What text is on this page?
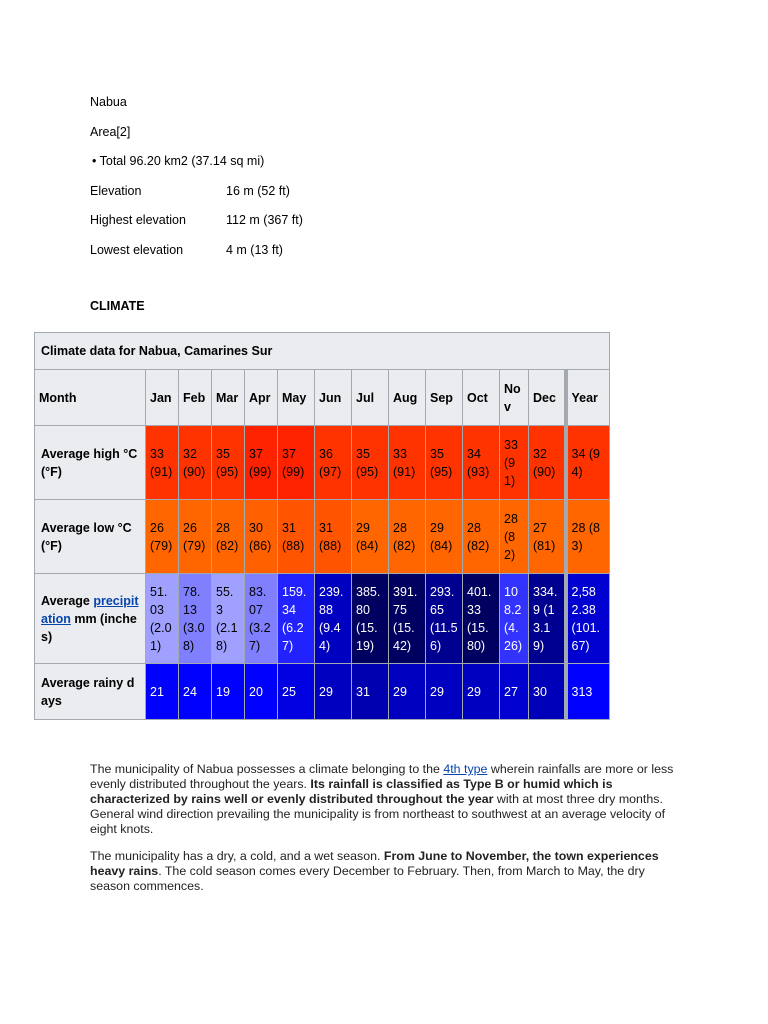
Nabua
Area[2]
• Total 96.20 km2 (37.14 sq mi)
Elevation	16 m (52 ft)
Highest elevation	112 m (367 ft)
Lowest elevation	4 m (13 ft)
CLIMATE
Climate data for Nabua, Camarines Sur													
Month	Jan	Feb	Mar	Apr	May	Jun	Jul	Aug	Sep	Oct	Nov	Dec	Year
Average high °C (°F)	33 (91)	32 (90)	35 (95)	37 (99)	37 (99)	36 (97)	35 (95)	33 (91)	35 (95)	34 (93)	33 (91)	32 (90)	34 (94)
Average low °C (°F)	26 (79)	26 (79)	28 (82)	30 (86)	31 (88)	31 (88)	29 (84)	28 (82)	29 (84)	28 (82)	28 (82)	27 (81)	28 (83)
Average precipitation mm (inches)	51.03 (2.01)	78.13 (3.08)	55.3 (2.18)	83.07 (3.27)	159.34 (6.27)	239.88 (9.44)	385.80 (15.19)	391.75 (15.42)	293.65 (11.56)	401.33 (15.80)	108.2 (4.26)	334.9 (13.19)	2,582.38 (101.67)
Average rainy days	21	24	19	20	25	29	31	29	29	29	27	30	313

The municipality of Nabua possesses a climate belonging to the 4th type wherein rainfalls are more or less evenly distributed throughout the years. Its rainfall is classified as Type B or humid which is characterized by rains well or evenly distributed throughout the year with at most three dry months. General wind direction prevailing the municipality is from northeast to southwest at an average velocity of eight knots.

The municipality has a dry, a cold, and a wet season. From June to November, the town experiences heavy rains. The cold season comes every December to February. Then, from March to May, the dry season commences.
